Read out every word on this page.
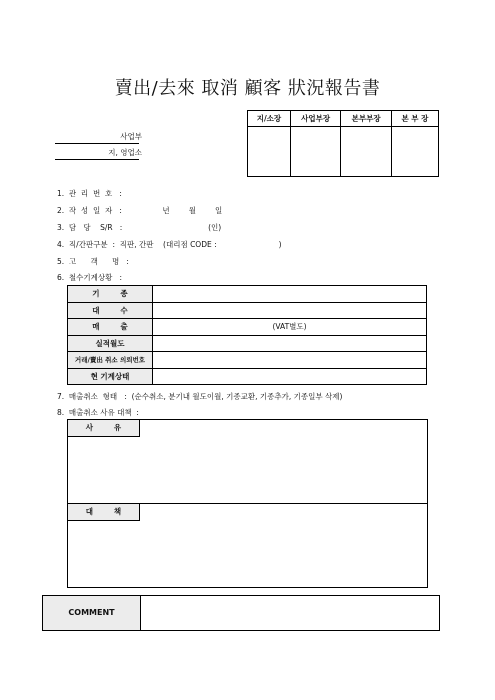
賣出/去來 取消 顧客 狀況報告書
지/소장	사업부장	본부부장	본 부 장

사업부
지, 영업소
1.  관  리  번  호   :
2.  작  성  일  자   :                 년        월        일
3.  담   당    S/R   :                                    (인)
4.  직/간판구분  :  직판, 간판    (대리점 CODE :                          )
5.  고      객      명   :
6.  철수기계상황   :
기        종	
대        수	
매        출	(VAT별도)
실적월도	
거래/賣出 취소 의뢰번호	
현 기계상태	
7.  매출취소  형태   :  (순수취소, 분기내 월도이월, 기종교환, 기종추가, 기종일부 삭제)
8.  매출취소 사유 대책  :
사        유
대        책
COMMENT
